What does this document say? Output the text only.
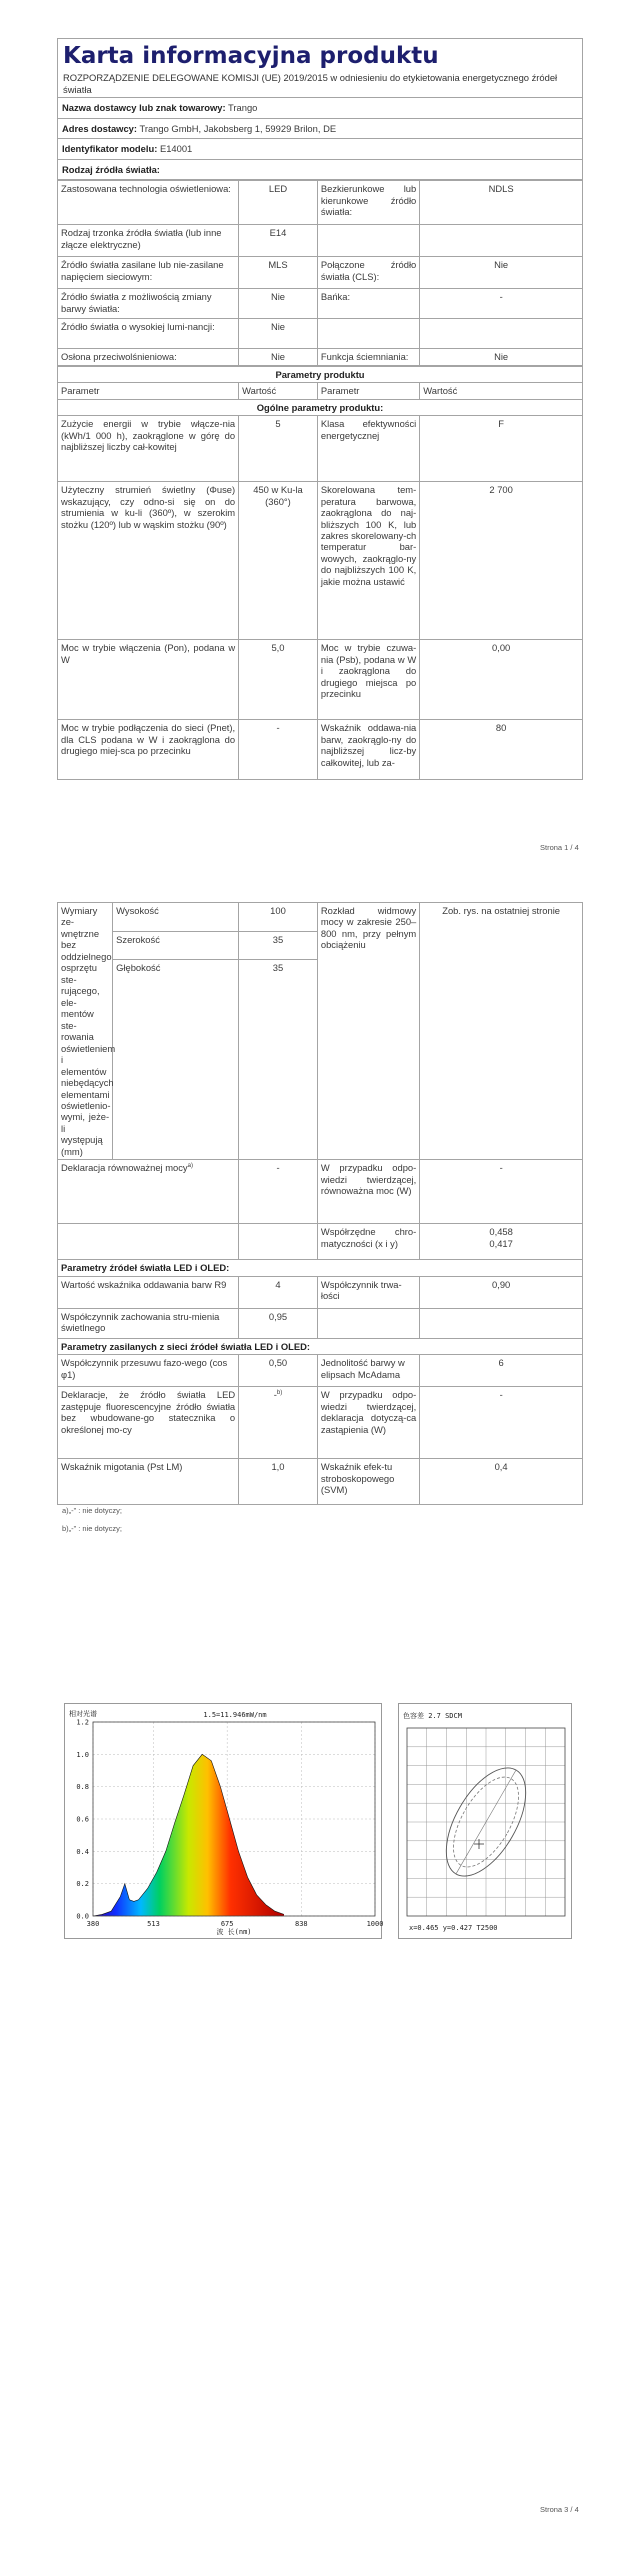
Karta informacyjna produktu
ROZPORZĄDZENIE DELEGOWANE KOMISJI (UE) 2019/2015 w odniesieniu do etykietowania energetycznego źródeł światła

Nazwa dostawcy lub znak towarowy: Trango
Adres dostawcy: Trango GmbH, Jakobsberg 1, 59929 Brilon, DE
Identyfikator modelu: E14001
Rodzaj źródła światła:
Zastosowana technologia oświetleniowa:	LED	Bezkierunkowe lub kierunkowe źródło światła:	NDLS
Rodzaj trzonka źródła światła (lub inne złącze elektryczne)	E14		
Źródło światła zasilane lub nie-zasilane napięciem sieciowym:	MLS	Połączone źródło światła (CLS):	Nie
Źródło światła z możliwością zmiany barwy światła:	Nie	Bańka:	-
Źródło światła o wysokiej lumi-nancji:	Nie		
Osłona przeciwolśnieniowa:	Nie	Funkcja ściemniania:	Nie
Parametry produktu			
Parametr	Wartość	Parametr	Wartość
Ogólne parametry produktu:			
Zużycie energii w trybie włącze-nia (kWh/1 000 h), zaokrąglone w górę do najbliższej liczby cał-kowitej	5	Klasa efektywności energetycznej	F
Użyteczny strumień świetlny (Φuse) wskazujący, czy odno-si się on do strumienia w ku-li (360º), w szerokim stożku (120º) lub w wąskim stożku (90º)	450 w Ku-la (360°)	Skorelowana tem-peratura barwowa, zaokrąglona do naj-bliższych 100 K, lub zakres skorelowany-ch temperatur bar-wowych, zaokrąglo-ny do najbliższych 100 K, jakie można ustawić	2 700
Moc w trybie włączenia (Pon), podana w W	5,0	Moc w trybie czuwa-nia (Psb), podana w W i zaokrąglona do drugiego miejsca po przecinku	0,00
Moc w trybie podłączenia do sieci (Pnet), dla CLS podana w W i zaokrąglona do drugiego miej-sca po przecinku	-	Wskaźnik oddawa-nia barw, zaokrąglo-ny do najbliższej licz-by całkowitej, lub za-	80
Strona 1 / 4
Wymiary ze-wnętrzne bez oddzielnego osprzętu ste-rującego, ele-mentów ste-rowania oświetleniem i elementów niebędących elementami oświetlenio-wymi, jeże-li występują (mm)	Wysokość	100	Rozkład widmowy mocy w zakresie 250–800 nm, przy pełnym obciążeniu	Zob. rys. na ostatniej stronie
	Szerokość	35		
	Głębokość	35		
Deklaracja równoważnej mocy$^{a)}$		-	W przypadku odpo-wiedzi twierdzącej, równoważna moc (W)	-
			Współrzędne chro-matyczności (x i y)	0,458
0,417
Parametry źródeł światła LED i OLED:				
Wartość wskaźnika oddawania barw R9		4	Współczynnik trwa-łości	0,90
Współczynnik zachowania stru-mienia świetlnego		0,95		
Parametry zasilanych z sieci źródeł światła LED i OLED:				
Współczynnik przesuwu fazo-wego (cos φ1)		0,50	Jednolitość barwy w elipsach McAdama	6
Deklaracje, że źródło światła LED zastępuje fluorescencyjne źródło światła bez wbudowane-go statecznika o określonej mo-cy		-$^{b)}$	W przypadku odpo-wiedzi twierdzącej, deklaracja dotyczą-ca zastąpienia (W)	-
Wskaźnik migotania (Pst LM)		1,0	Wskaźnik efek-tu stroboskopowego (SVM)	0,4
a)„-” : nie dotyczy;
b)„-” : nie dotyczy;
相对光谱	1.5=11.946mW/nm
0.0
0.2
0.4
0.6
0.8
1.0
1.2
380	513	675	838	1000
波 长(nm)
色容差 2.7 SDCM
x=0.465 y=0.427 T2500
Strona 3 / 4
